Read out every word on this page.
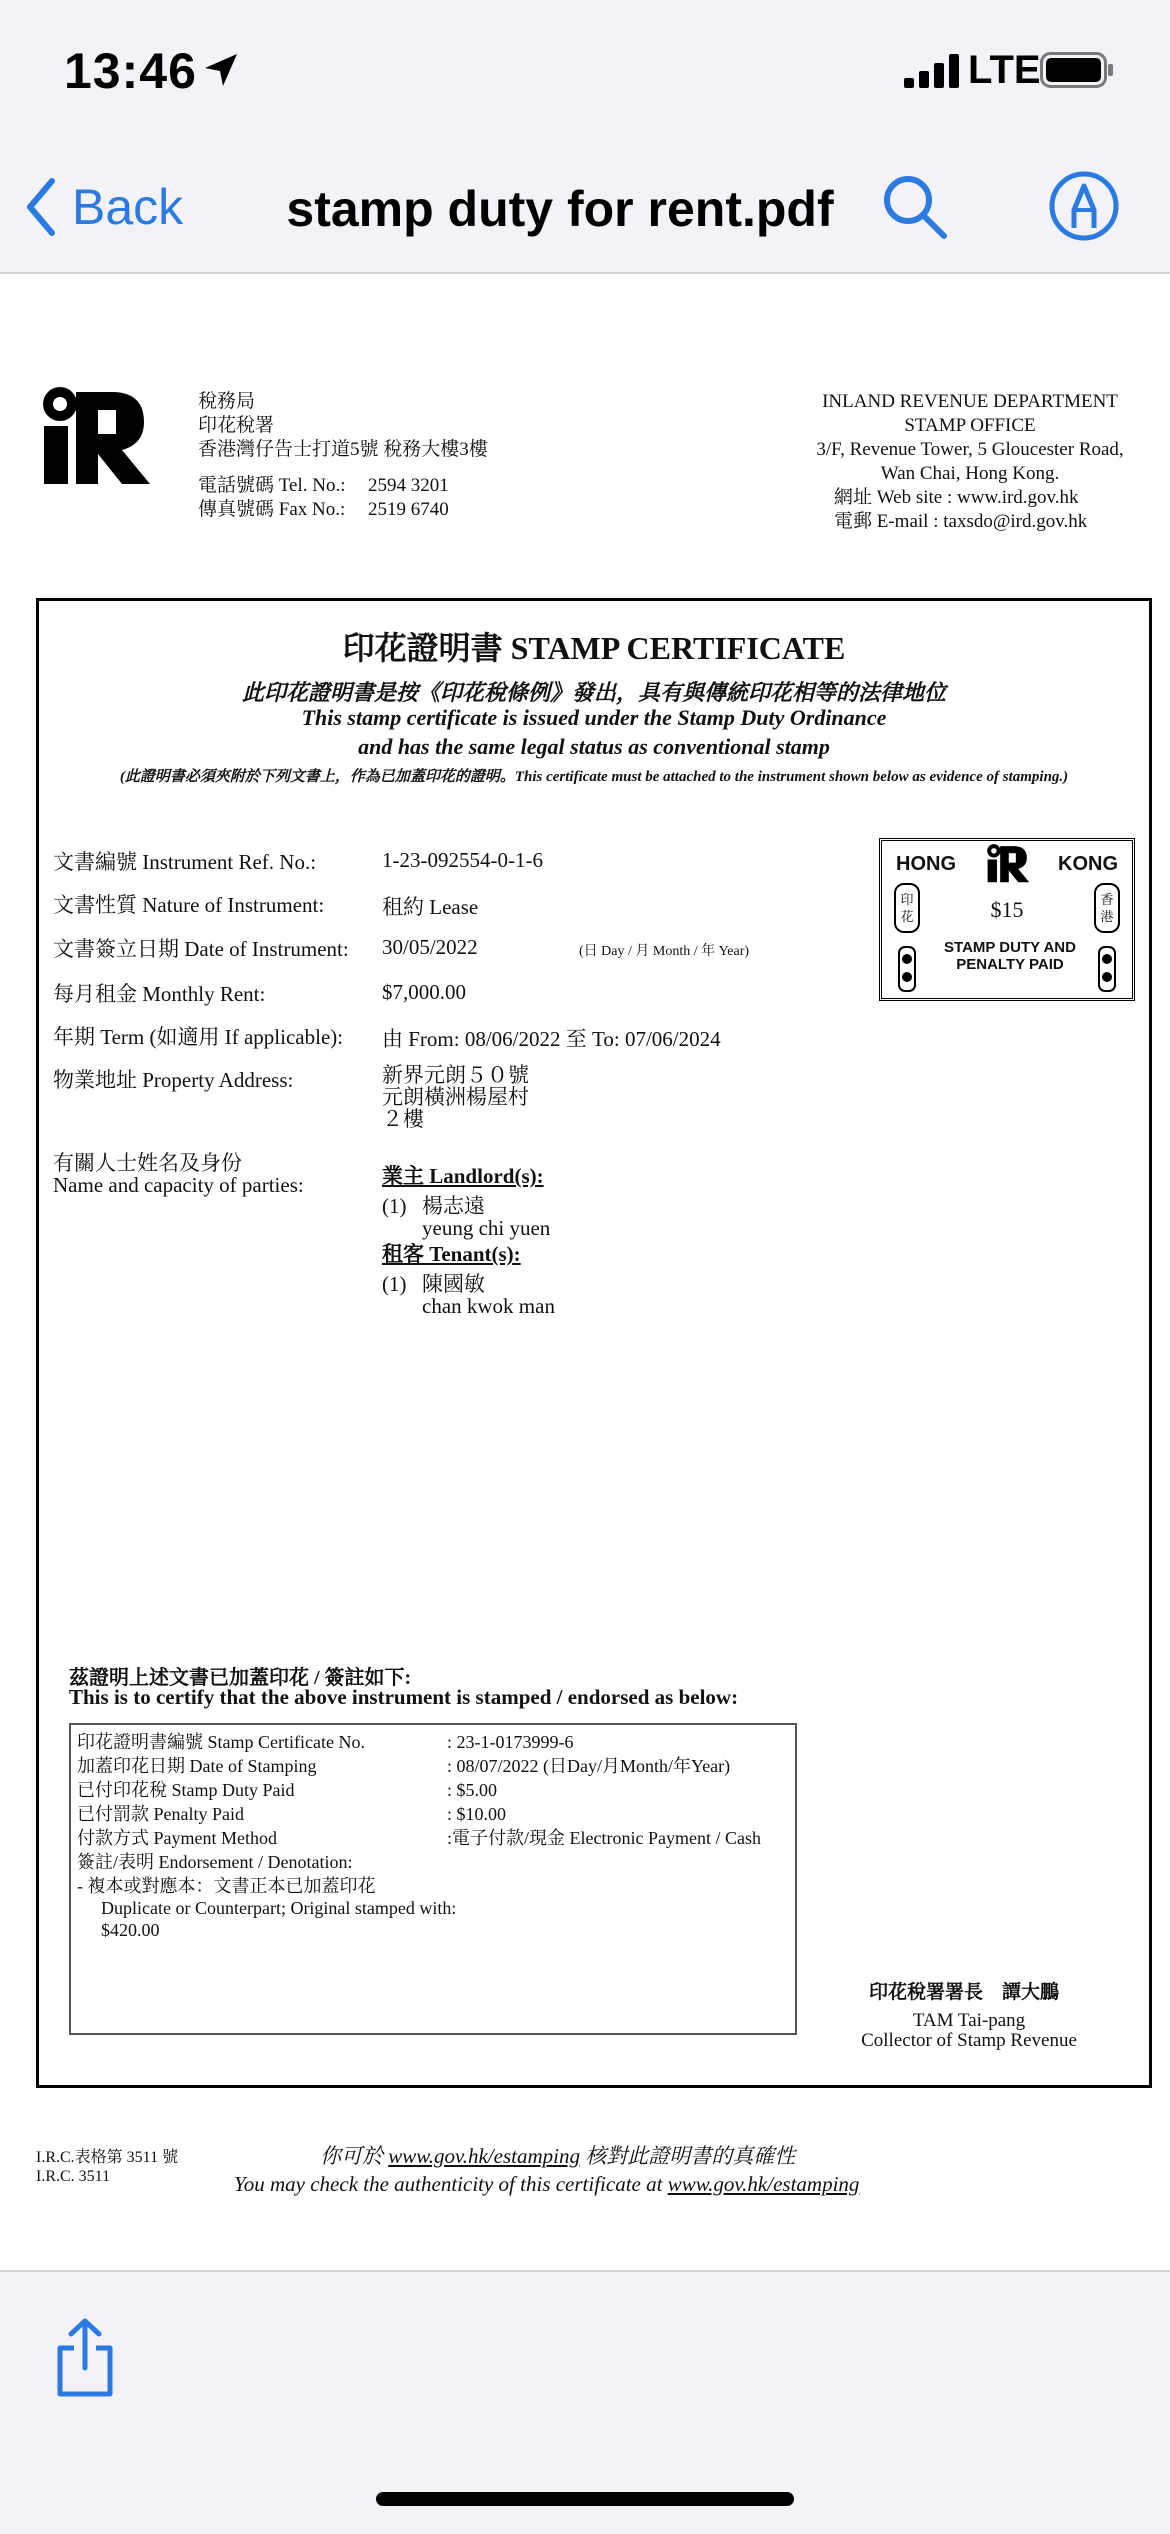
13:46	LTE
Back	stamp duty for rent.pdf
稅務局
印花稅署
香港灣仔告士打道5號 稅務大樓3樓
電話號碼 Tel. No.:	2594 3201
傳真號碼 Fax No.:	2519 6740
INLAND REVENUE DEPARTMENT
STAMP OFFICE
3/F, Revenue Tower, 5 Gloucester Road,
Wan Chai, Hong Kong.
網址 Web site : www.ird.gov.hk
電郵 E-mail : taxsdo@ird.gov.hk
印花證明書 STAMP CERTIFICATE
此印花證明書是按《印花稅條例》發出，具有與傳統印花相等的法律地位
This stamp certificate is issued under the Stamp Duty Ordinance
and has the same legal status as conventional stamp
(此證明書必須夾附於下列文書上，作為已加蓋印花的證明。This certificate must be attached to the instrument shown below as evidence of stamping.)
文書編號 Instrument Ref. No.:	1-23-092554-0-1-6
文書性質 Nature of Instrument:	租約 Lease
文書簽立日期 Date of Instrument: 30/05/2022	(日 Day / 月 Month / 年 Year)
每月租金 Monthly Rent:	$7,000.00
年期 Term (如適用 If applicable): 由 From: 08/06/2022 至 To: 07/06/2024
物業地址 Property Address:	新界元朗５０號
元朗橫洲楊屋村
２樓
有關人士姓名及身份
Name and capacity of parties:	業主 Landlord(s):
(1) 楊志遠
yeung chi yuen
租客 Tenant(s):
(1) 陳國敏
chan kwok man
HONG	KONG
$15
印花
香港
STAMP DUTY AND
PENALTY PAID
茲證明上述文書已加蓋印花 / 簽註如下:
This is to certify that the above instrument is stamped / endorsed as below:
印花證明書編號 Stamp Certificate No.	: 23-1-0173999-6
加蓋印花日期 Date of Stamping	: 08/07/2022 (日Day/月Month/年Year)
已付印花稅 Stamp Duty Paid	: $5.00
已付罰款 Penalty Paid	: $10.00
付款方式 Payment Method	:電子付款/現金 Electronic Payment / Cash
簽註/表明 Endorsement / Denotation:
- 複本或對應本：文書正本已加蓋印花
Duplicate or Counterpart; Original stamped with:
$420.00
印花稅署署長　譚大鵬
TAM Tai-pang
Collector of Stamp Revenue
I.R.C.表格第 3511 號
I.R.C. 3511
你可於 www.gov.hk/estamping 核對此證明書的真確性
You may check the authenticity of this certificate at www.gov.hk/estamping
